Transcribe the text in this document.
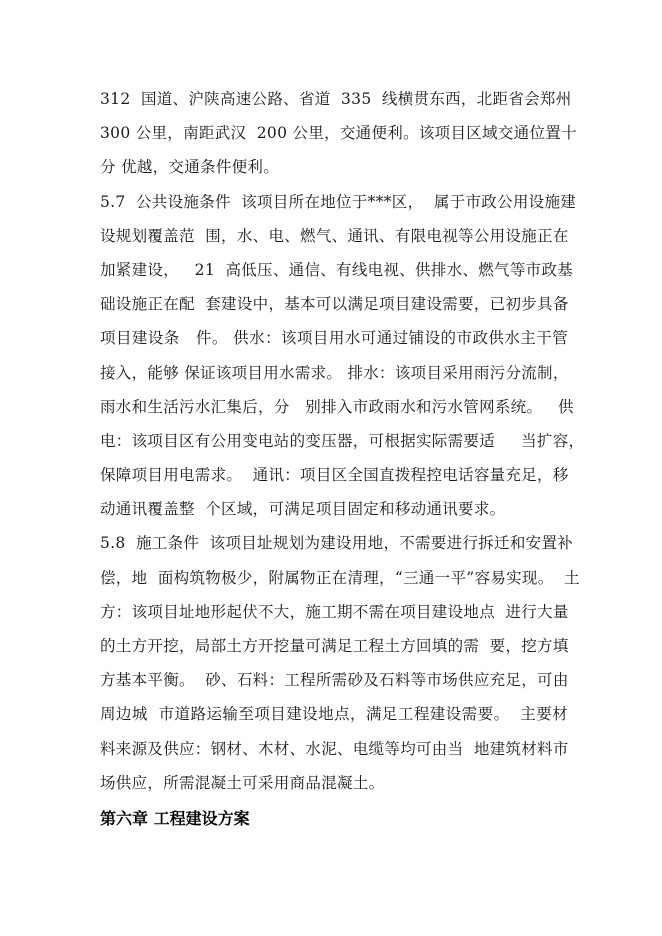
312  国道、沪陕高速公路、省道  335  线横贯东西，北距省会郑州
300 公里，南距武汉  200 公里，交通便利。该项目区域交通位置十
分 优越，交通条件便利。
5.7  公共设施条件  该项目所在地位于***区，  属于市政公用设施建
设规划覆盖范  围，水、电、燃气、通讯、有限电视等公用设施正在
加紧建设，   21  高低压、通信、有线电视、供排水、燃气等市政基
础设施正在配  套建设中，基本可以满足项目建设需要，已初步具备
项目建设条   件。 供水：该项目用水可通过铺设的市政供水主干管
接入，能够 保证该项目用水需求。 排水：该项目采用雨污分流制，
雨水和生活污水汇集后，分   别排入市政雨水和污水管网系统。   供
电：该项目区有公用变电站的变压器，可根据实际需要适     当扩容，
保障项目用电需求。  通讯：项目区全国直拨程控电话容量充足，移
动通讯覆盖整  个区域，可满足项目固定和移动通讯要求。
5.8  施工条件  该项目址规划为建设用地，不需要进行拆迁和安置补
偿，地  面构筑物极少，附属物正在清理，“三通一平”容易实现。  土
方：该项目址地形起伏不大，施工期不需在项目建设地点  进行大量
的土方开挖，局部土方开挖量可满足工程土方回填的需  要，挖方填
方基本平衡。  砂、石料：工程所需砂及石料等市场供应充足，可由
周边城  市道路运输至项目建设地点，满足工程建设需要。  主要材
料来源及供应：钢材、木材、水泥、电缆等均可由当  地建筑材料市
场供应，所需混凝土可采用商品混凝土。
第六章 工程建设方案
